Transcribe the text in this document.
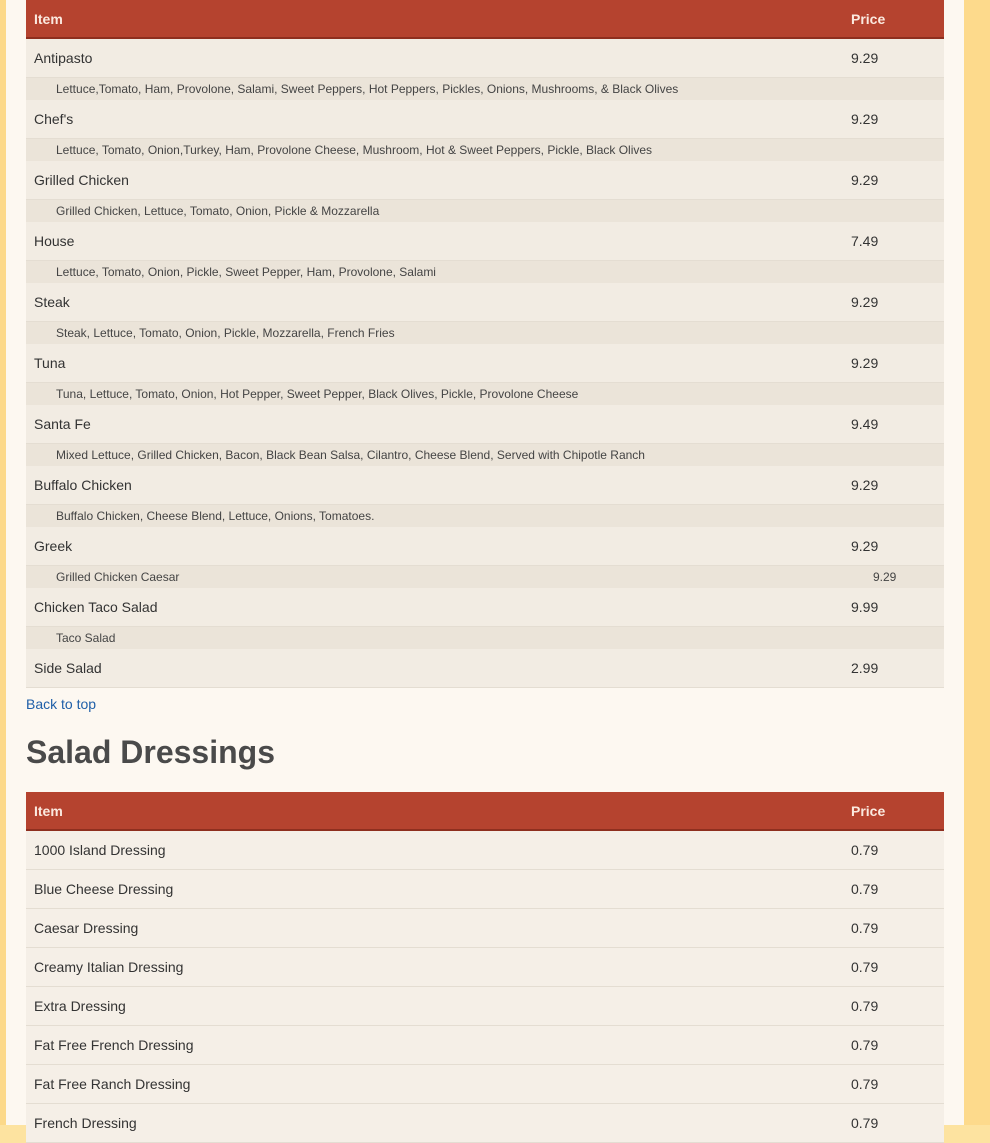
Item	Price
Antipasto	9.29
Lettuce,Tomato, Ham, Provolone, Salami, Sweet Peppers, Hot Peppers, Pickles, Onions, Mushrooms, & Black Olives	
Chef's	9.29
Lettuce, Tomato, Onion,Turkey, Ham, Provolone Cheese, Mushroom, Hot & Sweet Peppers, Pickle, Black Olives	
Grilled Chicken	9.29
Grilled Chicken, Lettuce, Tomato, Onion, Pickle & Mozzarella	
House	7.49
Lettuce, Tomato, Onion, Pickle, Sweet Pepper, Ham, Provolone, Salami	
Steak	9.29
Steak, Lettuce, Tomato, Onion, Pickle, Mozzarella, French Fries	
Tuna	9.29
Tuna, Lettuce, Tomato, Onion, Hot Pepper, Sweet Pepper, Black Olives, Pickle, Provolone Cheese	
Santa Fe	9.49
Mixed Lettuce, Grilled Chicken, Bacon, Black Bean Salsa, Cilantro, Cheese Blend, Served with Chipotle Ranch	
Buffalo Chicken	9.29
Buffalo Chicken, Cheese Blend, Lettuce, Onions, Tomatoes.	
Greek	9.29
Grilled Chicken Caesar	9.29
Chicken Taco Salad	9.99
Taco Salad	
Side Salad	2.99
Back to top
Salad Dressings
Item	Price
1000 Island Dressing	0.79
Blue Cheese Dressing	0.79
Caesar Dressing	0.79
Creamy Italian Dressing	0.79
Extra Dressing	0.79
Fat Free French Dressing	0.79
Fat Free Ranch Dressing	0.79
French Dressing	0.79
